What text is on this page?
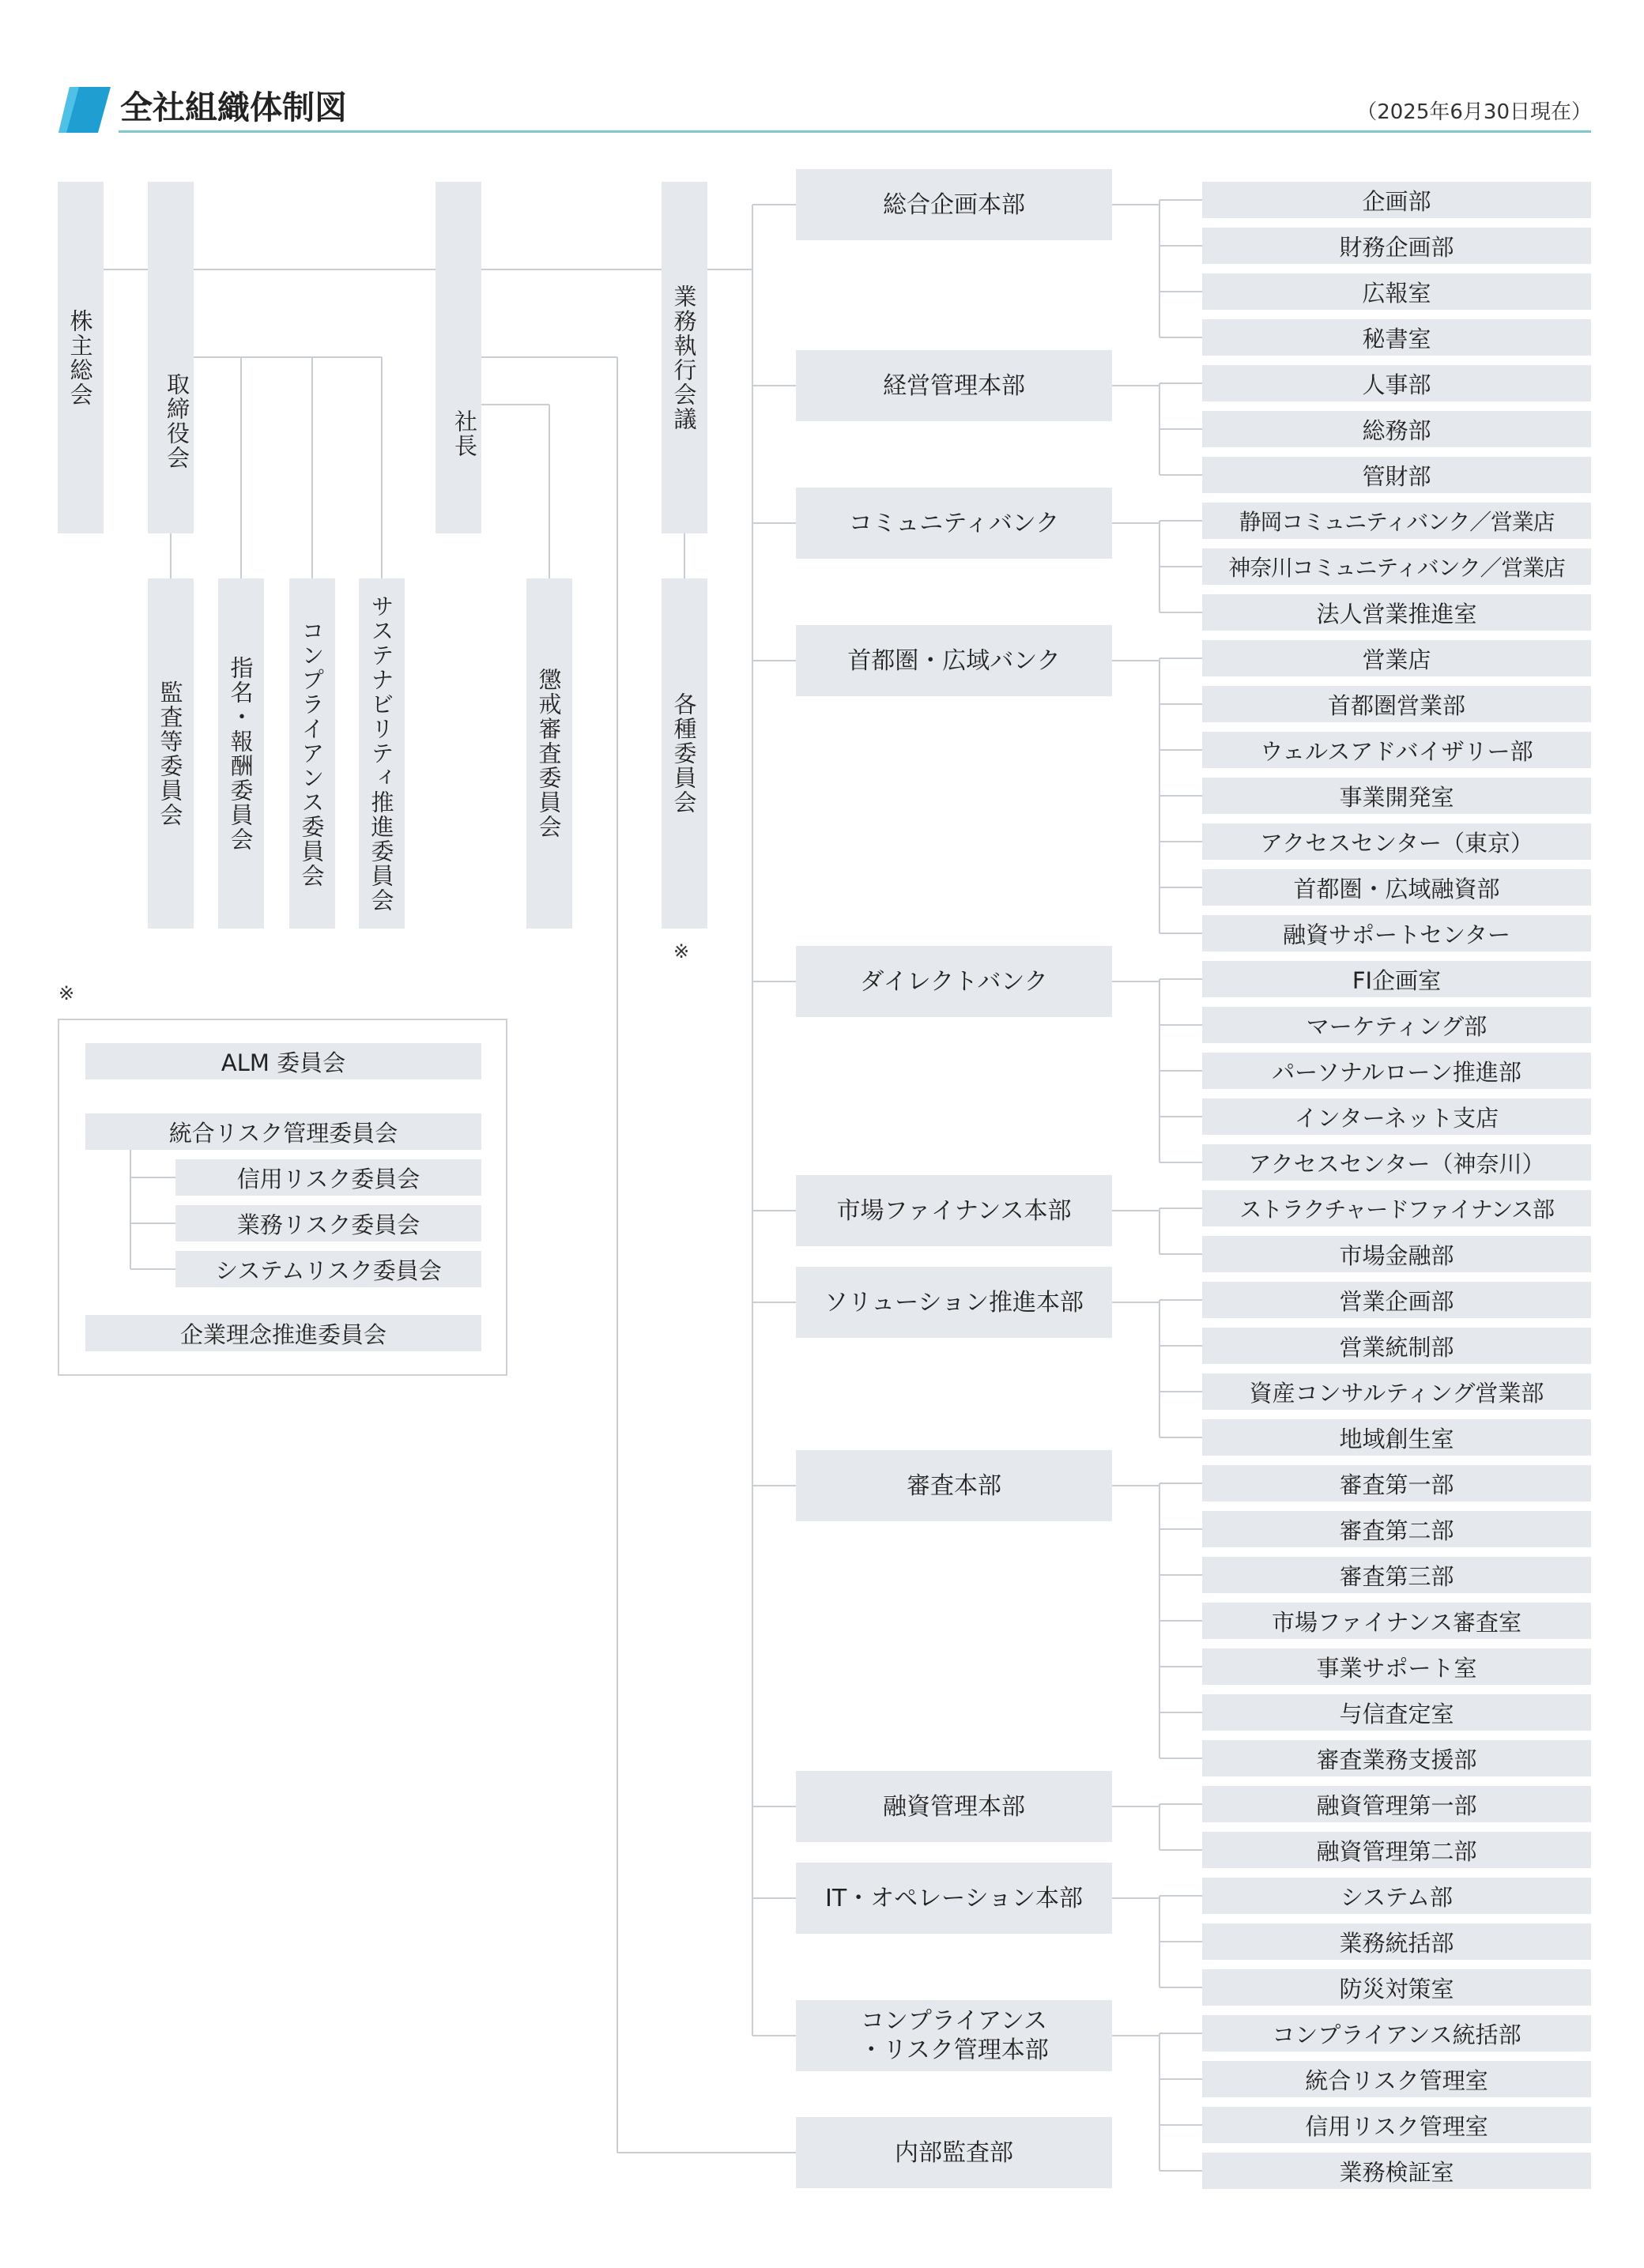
全社組織体制図	（2025年6月30日現在）
株主総会
取締役会	社長
業務執行会議
監査等委員会	指名・報酬委員会	コンプライアンス委員会	サステナビリティ推進委員会	懲戒審査委員会	各種委員会
※
※
ALM 委員会
統合リスク管理委員会
信用リスク委員会
業務リスク委員会
システムリスク委員会
企業理念推進委員会
総合企画本部
経営管理本部
コミュニティバンク
首都圏・広域バンク
ダイレクトバンク
市場ファイナンス本部
ソリューション推進本部
審査本部
融資管理本部
IT・オペレーション本部
コンプライアンス
・リスク管理本部
内部監査部
企画部
財務企画部
広報室
秘書室
人事部
総務部
管財部
静岡コミュニティバンク／営業店
神奈川コミュニティバンク／営業店
法人営業推進室
営業店
首都圏営業部
ウェルスアドバイザリー部
事業開発室
アクセスセンター（東京）
首都圏・広域融資部
融資サポートセンター
FI企画室
マーケティング部
パーソナルローン推進部
インターネット支店
アクセスセンター（神奈川）
ストラクチャードファイナンス部
市場金融部
営業企画部
営業統制部
資産コンサルティング営業部
地域創生室
審査第一部
審査第二部
審査第三部
市場ファイナンス審査室
事業サポート室
与信査定室
審査業務支援部
融資管理第一部
融資管理第二部
システム部
業務統括部
防災対策室
コンプライアンス統括部
統合リスク管理室
信用リスク管理室
業務検証室
